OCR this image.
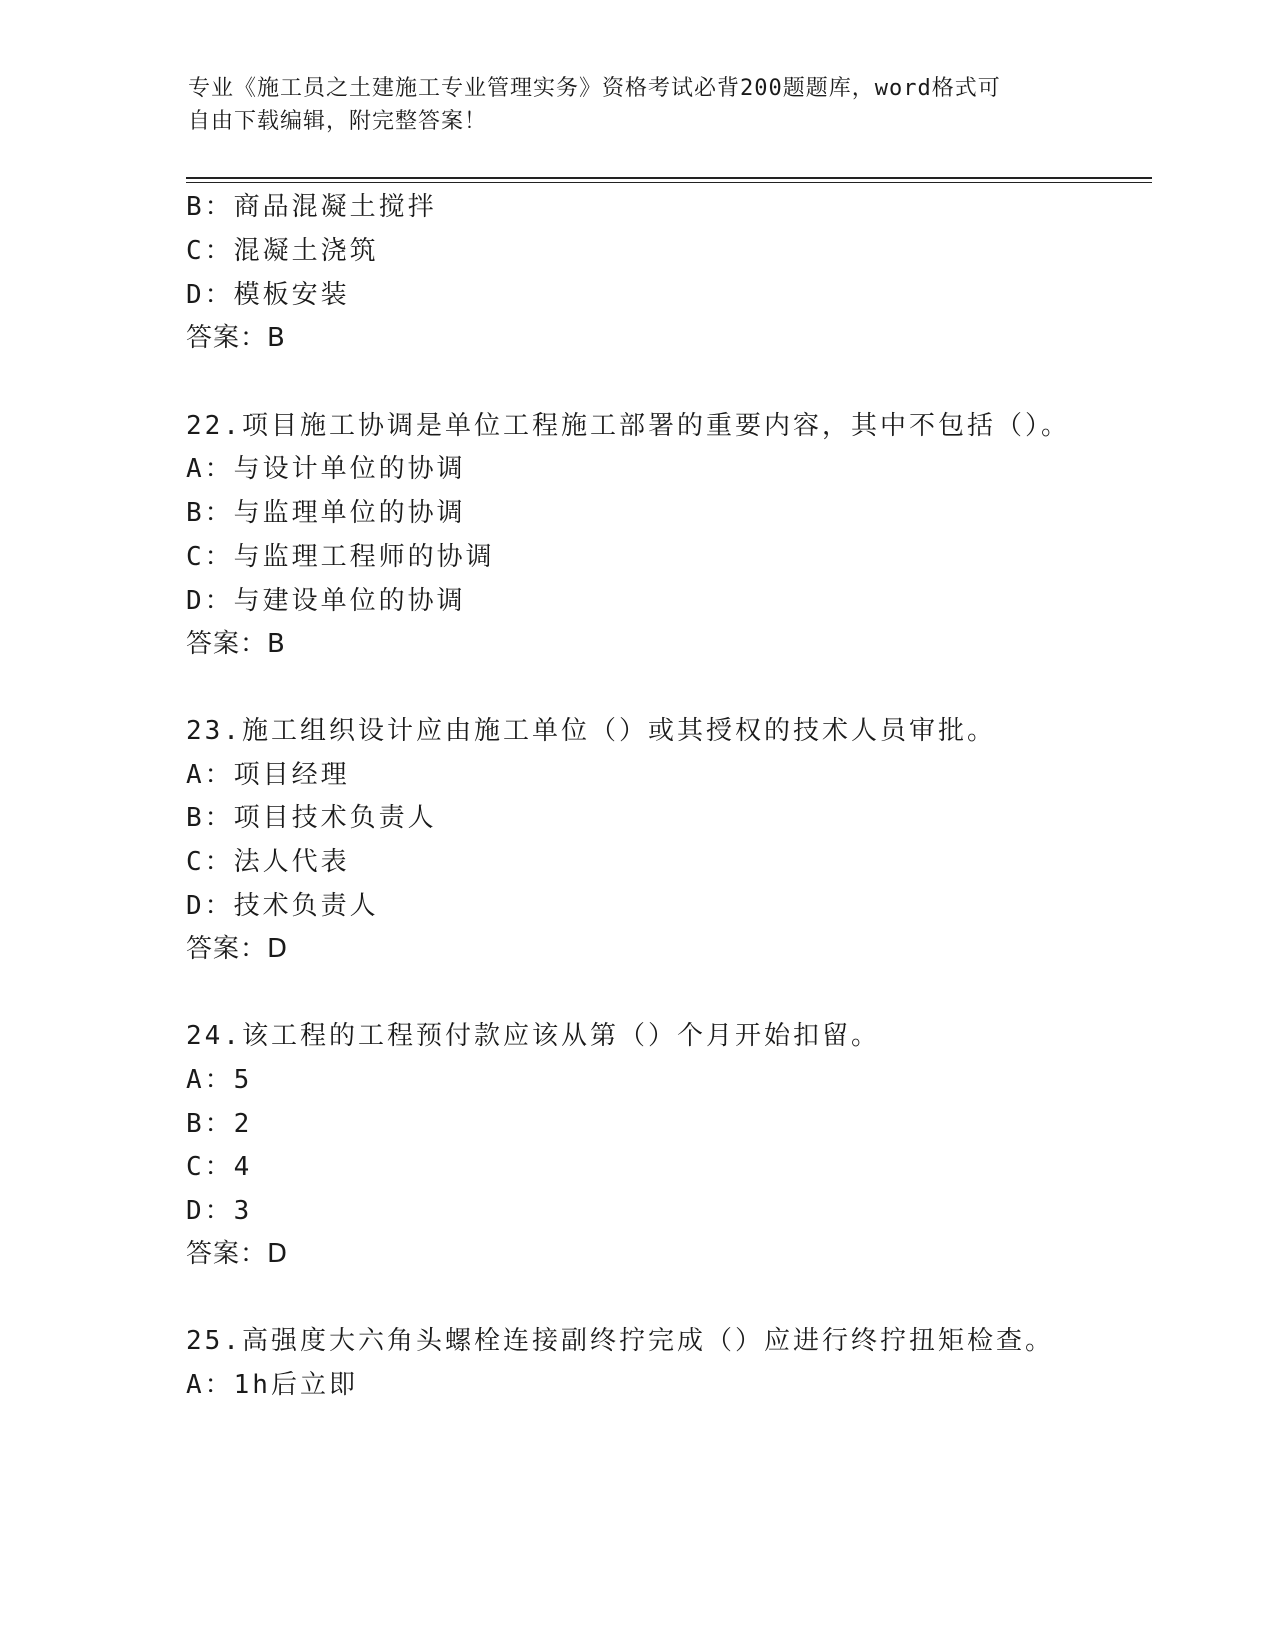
专业《施工员之土建施工专业管理实务》资格考试必背200题题库，word格式可
自由下载编辑，附完整答案！
B：商品混凝土搅拌
C：混凝土浇筑
D：模板安装
答案：B
22.项目施工协调是单位工程施工部署的重要内容，其中不包括（）。
A：与设计单位的协调
B：与监理单位的协调
C：与监理工程师的协调
D：与建设单位的协调
答案：B
23.施工组织设计应由施工单位（）或其授权的技术人员审批。
A：项目经理
B：项目技术负责人
C：法人代表
D：技术负责人
答案：D
24.该工程的工程预付款应该从第（）个月开始扣留。
A：5
B：2
C：4
D：3
答案：D
25.高强度大六角头螺栓连接副终拧完成（）应进行终拧扭矩检查。
A：1h后立即
